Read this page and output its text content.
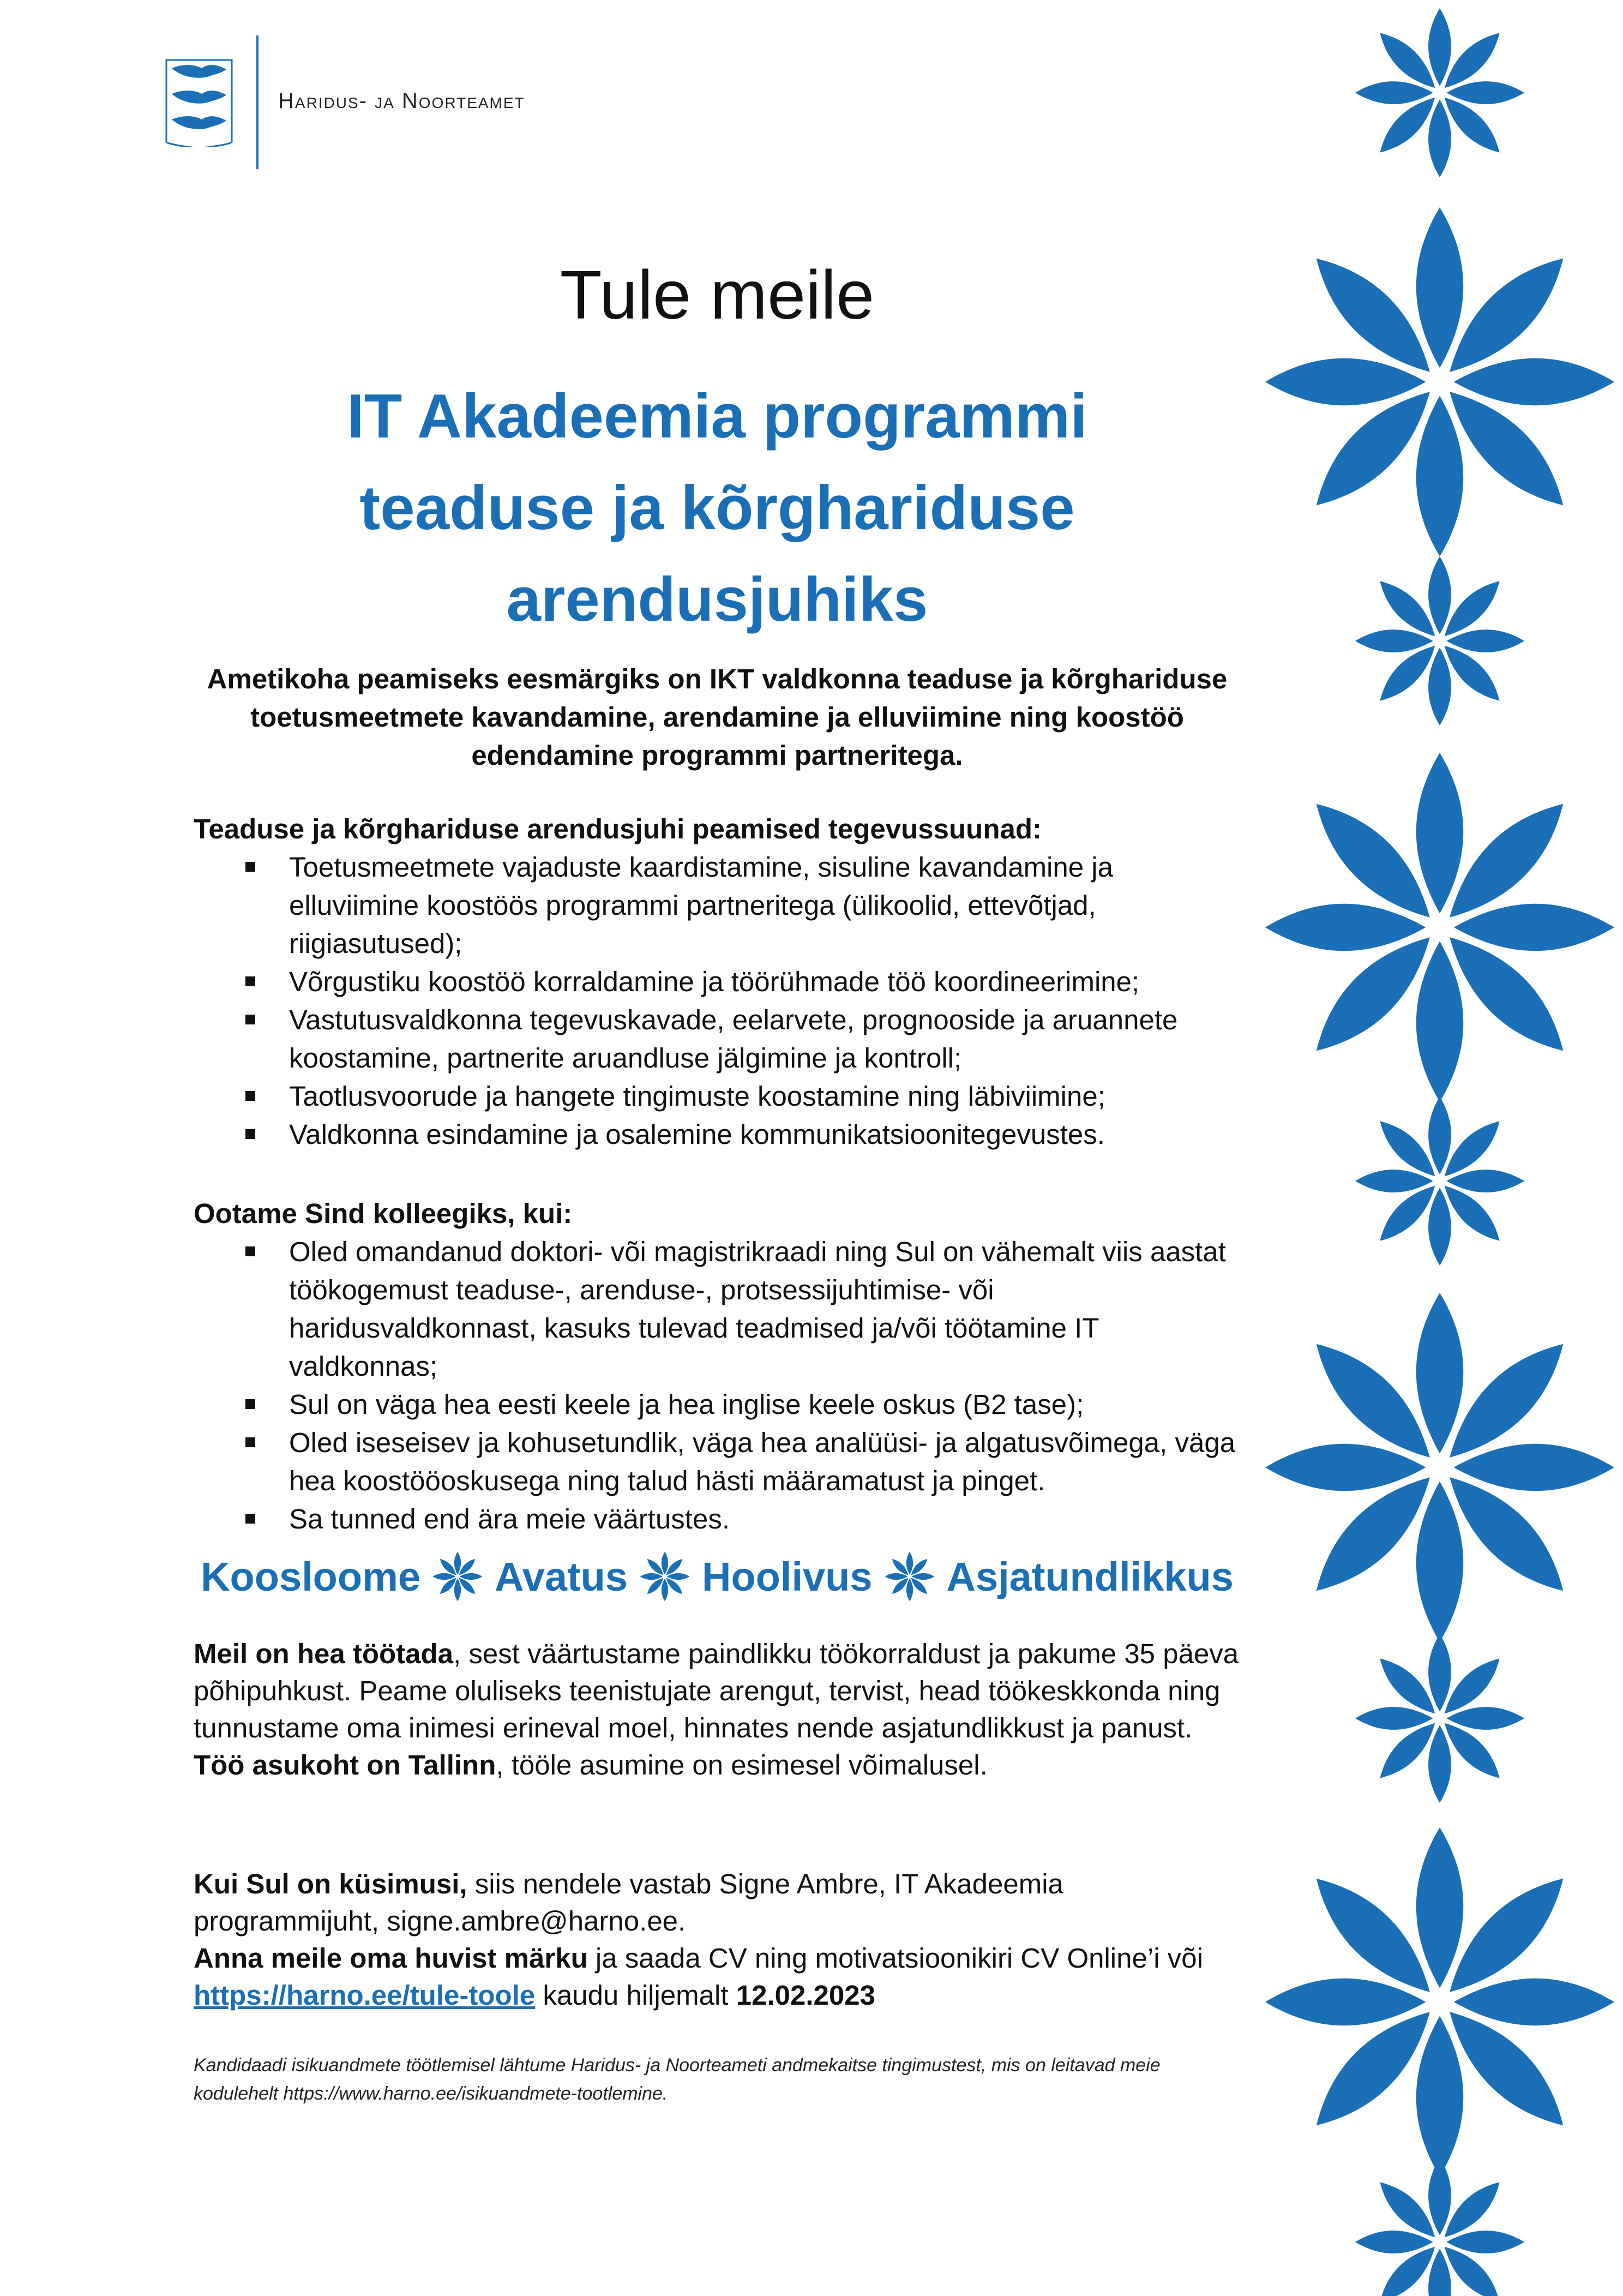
Haridus- ja Noorteamet
Tule meile
IT Akadeemia programmi
teaduse ja kõrghariduse
arendusjuhiks
Ametikoha peamiseks eesmärgiks on IKT valdkonna teaduse ja kõrghariduse
toetusmeetmete kavandamine, arendamine ja elluviimine ning koostöö
edendamine programmi partneritega.
Teaduse ja kõrghariduse arendusjuhi peamised tegevussuunad:
Toetusmeetmete vajaduste kaardistamine, sisuline kavandamine ja elluviimine koostöös programmi partneritega (ülikoolid, ettevõtjad, riigiasutused);
Võrgustiku koostöö korraldamine ja töörühmade töö koordineerimine;
Vastutusvaldkonna tegevuskavade, eelarvete, prognooside ja aruannete koostamine, partnerite aruandluse jälgimine ja kontroll;
Taotlusvoorude ja hangete tingimuste koostamine ning läbiviimine;
Valdkonna esindamine ja osalemine kommunikatsioonitegevustes.
Ootame Sind kolleegiks, kui:
Oled omandanud doktori- või magistrikraadi ning Sul on vähemalt viis aastat töökogemust teaduse-, arenduse-, protsessijuhtimise- või haridusvaldkonnast, kasuks tulevad teadmised ja/või töötamine IT valdkonnas;
Sul on väga hea eesti keele ja hea inglise keele oskus (B2 tase);
Oled iseseisev ja kohusetundlik, väga hea analüüsi- ja algatusvõimega, väga hea koostööoskusega ning talud hästi määramatust ja pinget.
Sa tunned end ära meie väärtustes.
Koosloome Avatus Hoolivus Asjatundlikkus
Meil on hea töötada, sest väärtustame paindlikku töökorraldust ja pakume 35 päeva põhipuhkust. Peame oluliseks teenistujate arengut, tervist, head töökeskkonda ning tunnustame oma inimesi erineval moel, hinnates nende asjatundlikkust ja panust.
Töö asukoht on Tallinn, tööle asumine on esimesel võimalusel.
Kui Sul on küsimusi, siis nendele vastab Signe Ambre, IT Akadeemia programmijuht, signe.ambre@harno.ee.
Anna meile oma huvist märku ja saada CV ning motivatsioonikiri CV Online’i või https://harno.ee/tule-toole kaudu hiljemalt 12.02.2023
Kandidaadi isikuandmete töötlemisel lähtume Haridus- ja Noorteameti andmekaitse tingimustest, mis on leitavad meie kodulehelt https://www.harno.ee/isikuandmete-tootlemine.
